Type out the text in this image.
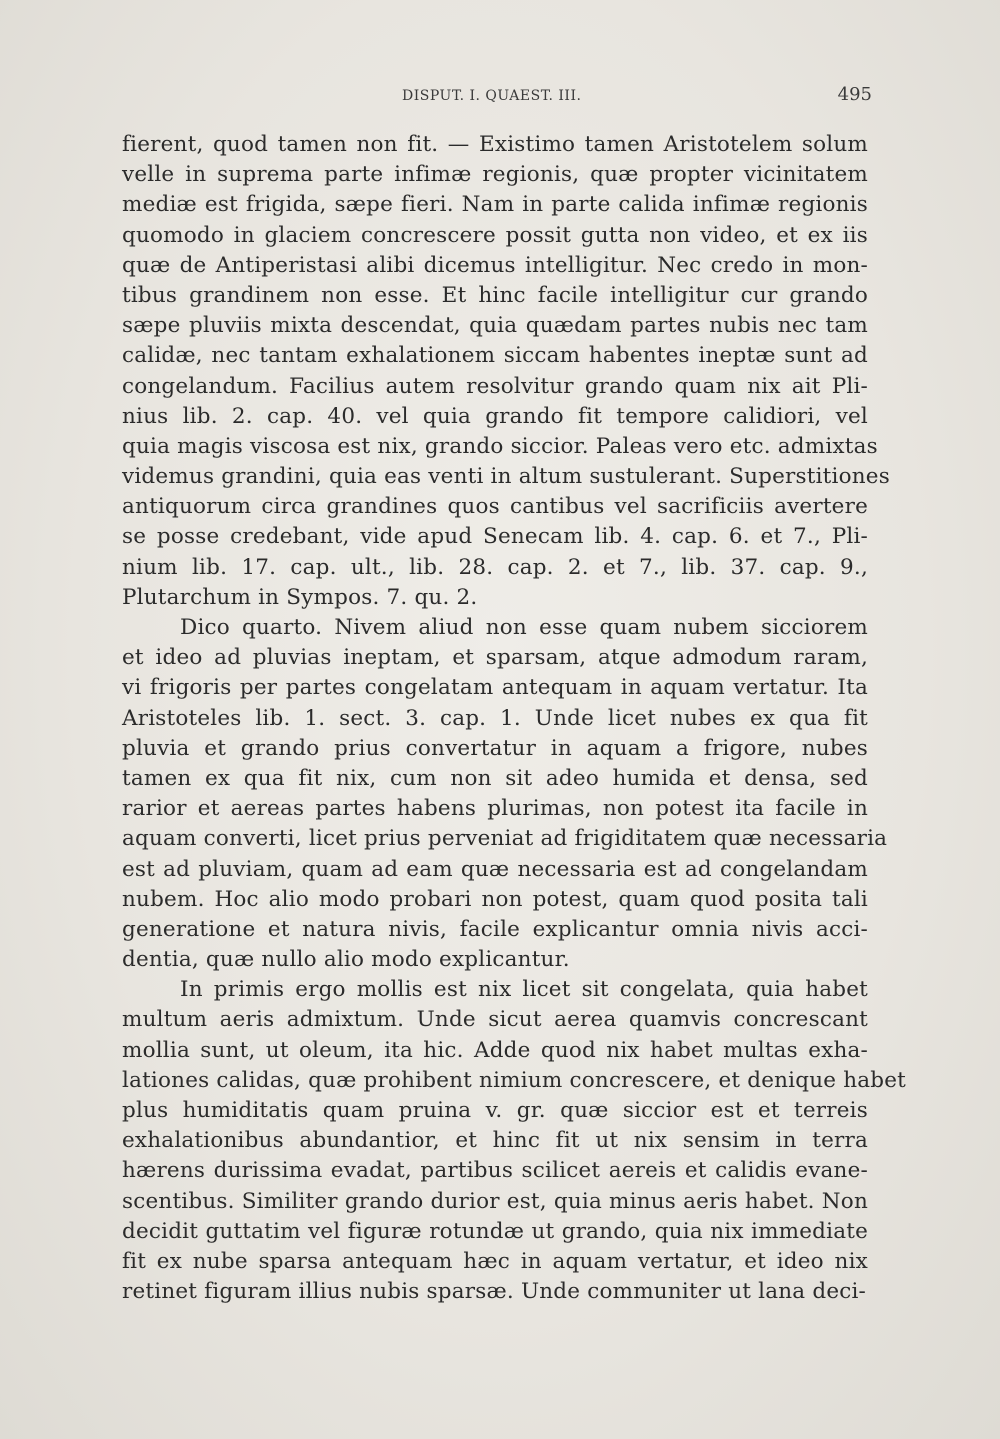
DISPUT. I. QUAEST. III.	495
fierent, quod tamen non fit. — Existimo tamen Aristotelem solum
velle in suprema parte infimæ regionis, quæ propter vicinitatem
mediæ est frigida, sæpe fieri. Nam in parte calida infimæ regionis
quomodo in glaciem concrescere possit gutta non video, et ex iis
quæ de Antiperistasi alibi dicemus intelligitur. Nec credo in mon-
tibus grandinem non esse. Et hinc facile intelligitur cur grando
sæpe pluviis mixta descendat, quia quædam partes nubis nec tam
calidæ, nec tantam exhalationem siccam habentes ineptæ sunt ad
congelandum. Facilius autem resolvitur grando quam nix ait Pli-
nius lib. 2. cap. 40. vel quia grando fit tempore calidiori, vel
quia magis viscosa est nix, grando siccior. Paleas vero etc. admixtas
videmus grandini, quia eas venti in altum sustulerant. Superstitiones
antiquorum circa grandines quos cantibus vel sacrificiis avertere
se posse credebant, vide apud Senecam lib. 4. cap. 6. et 7., Pli-
nium lib. 17. cap. ult., lib. 28. cap. 2. et 7., lib. 37. cap. 9.,
Plutarchum in Sympos. 7. qu. 2.
Dico quarto. Nivem aliud non esse quam nubem sicciorem
et ideo ad pluvias ineptam, et sparsam, atque admodum raram,
vi frigoris per partes congelatam antequam in aquam vertatur. Ita
Aristoteles lib. 1. sect. 3. cap. 1. Unde licet nubes ex qua fit
pluvia et grando prius convertatur in aquam a frigore, nubes
tamen ex qua fit nix, cum non sit adeo humida et densa, sed
rarior et aereas partes habens plurimas, non potest ita facile in
aquam converti, licet prius perveniat ad frigiditatem quæ necessaria
est ad pluviam, quam ad eam quæ necessaria est ad congelandam
nubem. Hoc alio modo probari non potest, quam quod posita tali
generatione et natura nivis, facile explicantur omnia nivis acci-
dentia, quæ nullo alio modo explicantur.
In primis ergo mollis est nix licet sit congelata, quia habet
multum aeris admixtum. Unde sicut aerea quamvis concrescant
mollia sunt, ut oleum, ita hic. Adde quod nix habet multas exha-
lationes calidas, quæ prohibent nimium concrescere, et denique habet
plus humiditatis quam pruina v. gr. quæ siccior est et terreis
exhalationibus abundantior, et hinc fit ut nix sensim in terra
hærens durissima evadat, partibus scilicet aereis et calidis evane-
scentibus. Similiter grando durior est, quia minus aeris habet. Non
decidit guttatim vel figuræ rotundæ ut grando, quia nix immediate
fit ex nube sparsa antequam hæc in aquam vertatur, et ideo nix
retinet figuram illius nubis sparsæ. Unde communiter ut lana deci-
